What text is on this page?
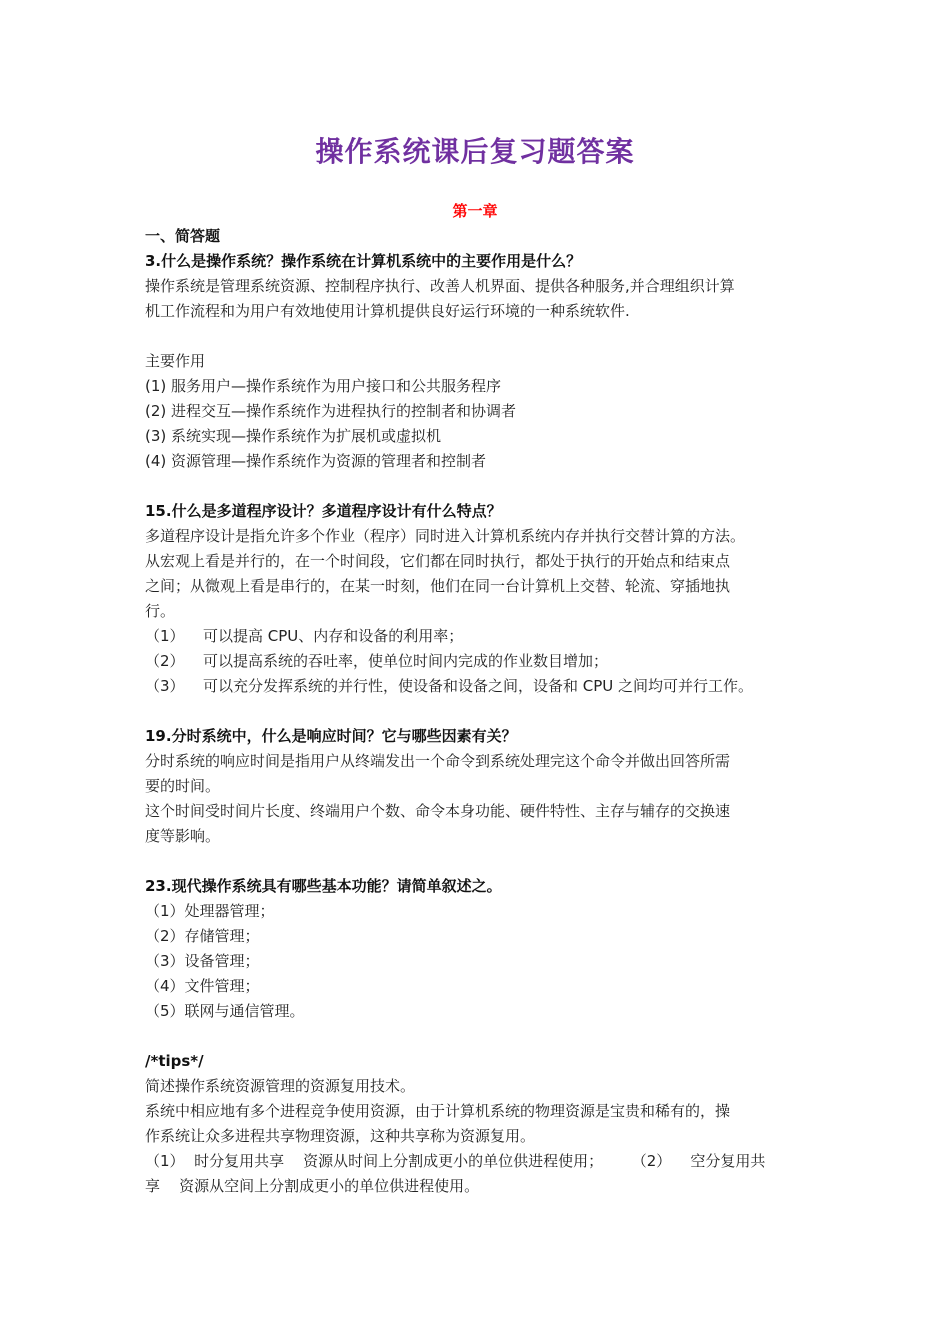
操作系统课后复习题答案
第一章
一、简答题
3.什么是操作系统？操作系统在计算机系统中的主要作用是什么？
操作系统是管理系统资源、控制程序执行、改善人机界面、提供各种服务,并合理组织计算
机工作流程和为用户有效地使用计算机提供良好运行环境的一种系统软件.
主要作用
(1) 服务用户—操作系统作为用户接口和公共服务程序
(2) 进程交互—操作系统作为进程执行的控制者和协调者
(3) 系统实现—操作系统作为扩展机或虚拟机
(4) 资源管理—操作系统作为资源的管理者和控制者
15.什么是多道程序设计？多道程序设计有什么特点？
多道程序设计是指允许多个作业（程序）同时进入计算机系统内存并执行交替计算的方法。
从宏观上看是并行的，在一个时间段，它们都在同时执行，都处于执行的开始点和结束点
之间；从微观上看是串行的，在某一时刻，他们在同一台计算机上交替、轮流、穿插地执
行。
（1） 可以提高 CPU、内存和设备的利用率；
（2） 可以提高系统的吞吐率，使单位时间内完成的作业数目增加；
（3） 可以充分发挥系统的并行性，使设备和设备之间，设备和 CPU 之间均可并行工作。
19.分时系统中，什么是响应时间？它与哪些因素有关？
分时系统的响应时间是指用户从终端发出一个命令到系统处理完这个命令并做出回答所需
要的时间。
这个时间受时间片长度、终端用户个数、命令本身功能、硬件特性、主存与辅存的交换速
度等影响。
23.现代操作系统具有哪些基本功能？请简单叙述之。
（1）处理器管理；
（2）存储管理；
（3）设备管理；
（4）文件管理；
（5）联网与通信管理。
/*tips*/
简述操作系统资源管理的资源复用技术。
系统中相应地有多个进程竞争使用资源，由于计算机系统的物理资源是宝贵和稀有的，操
作系统让众多进程共享物理资源，这种共享称为资源复用。
（1）  时分复用共享    资源从时间上分割成更小的单位供进程使用；      （2）    空分复用共
享    资源从空间上分割成更小的单位供进程使用。
